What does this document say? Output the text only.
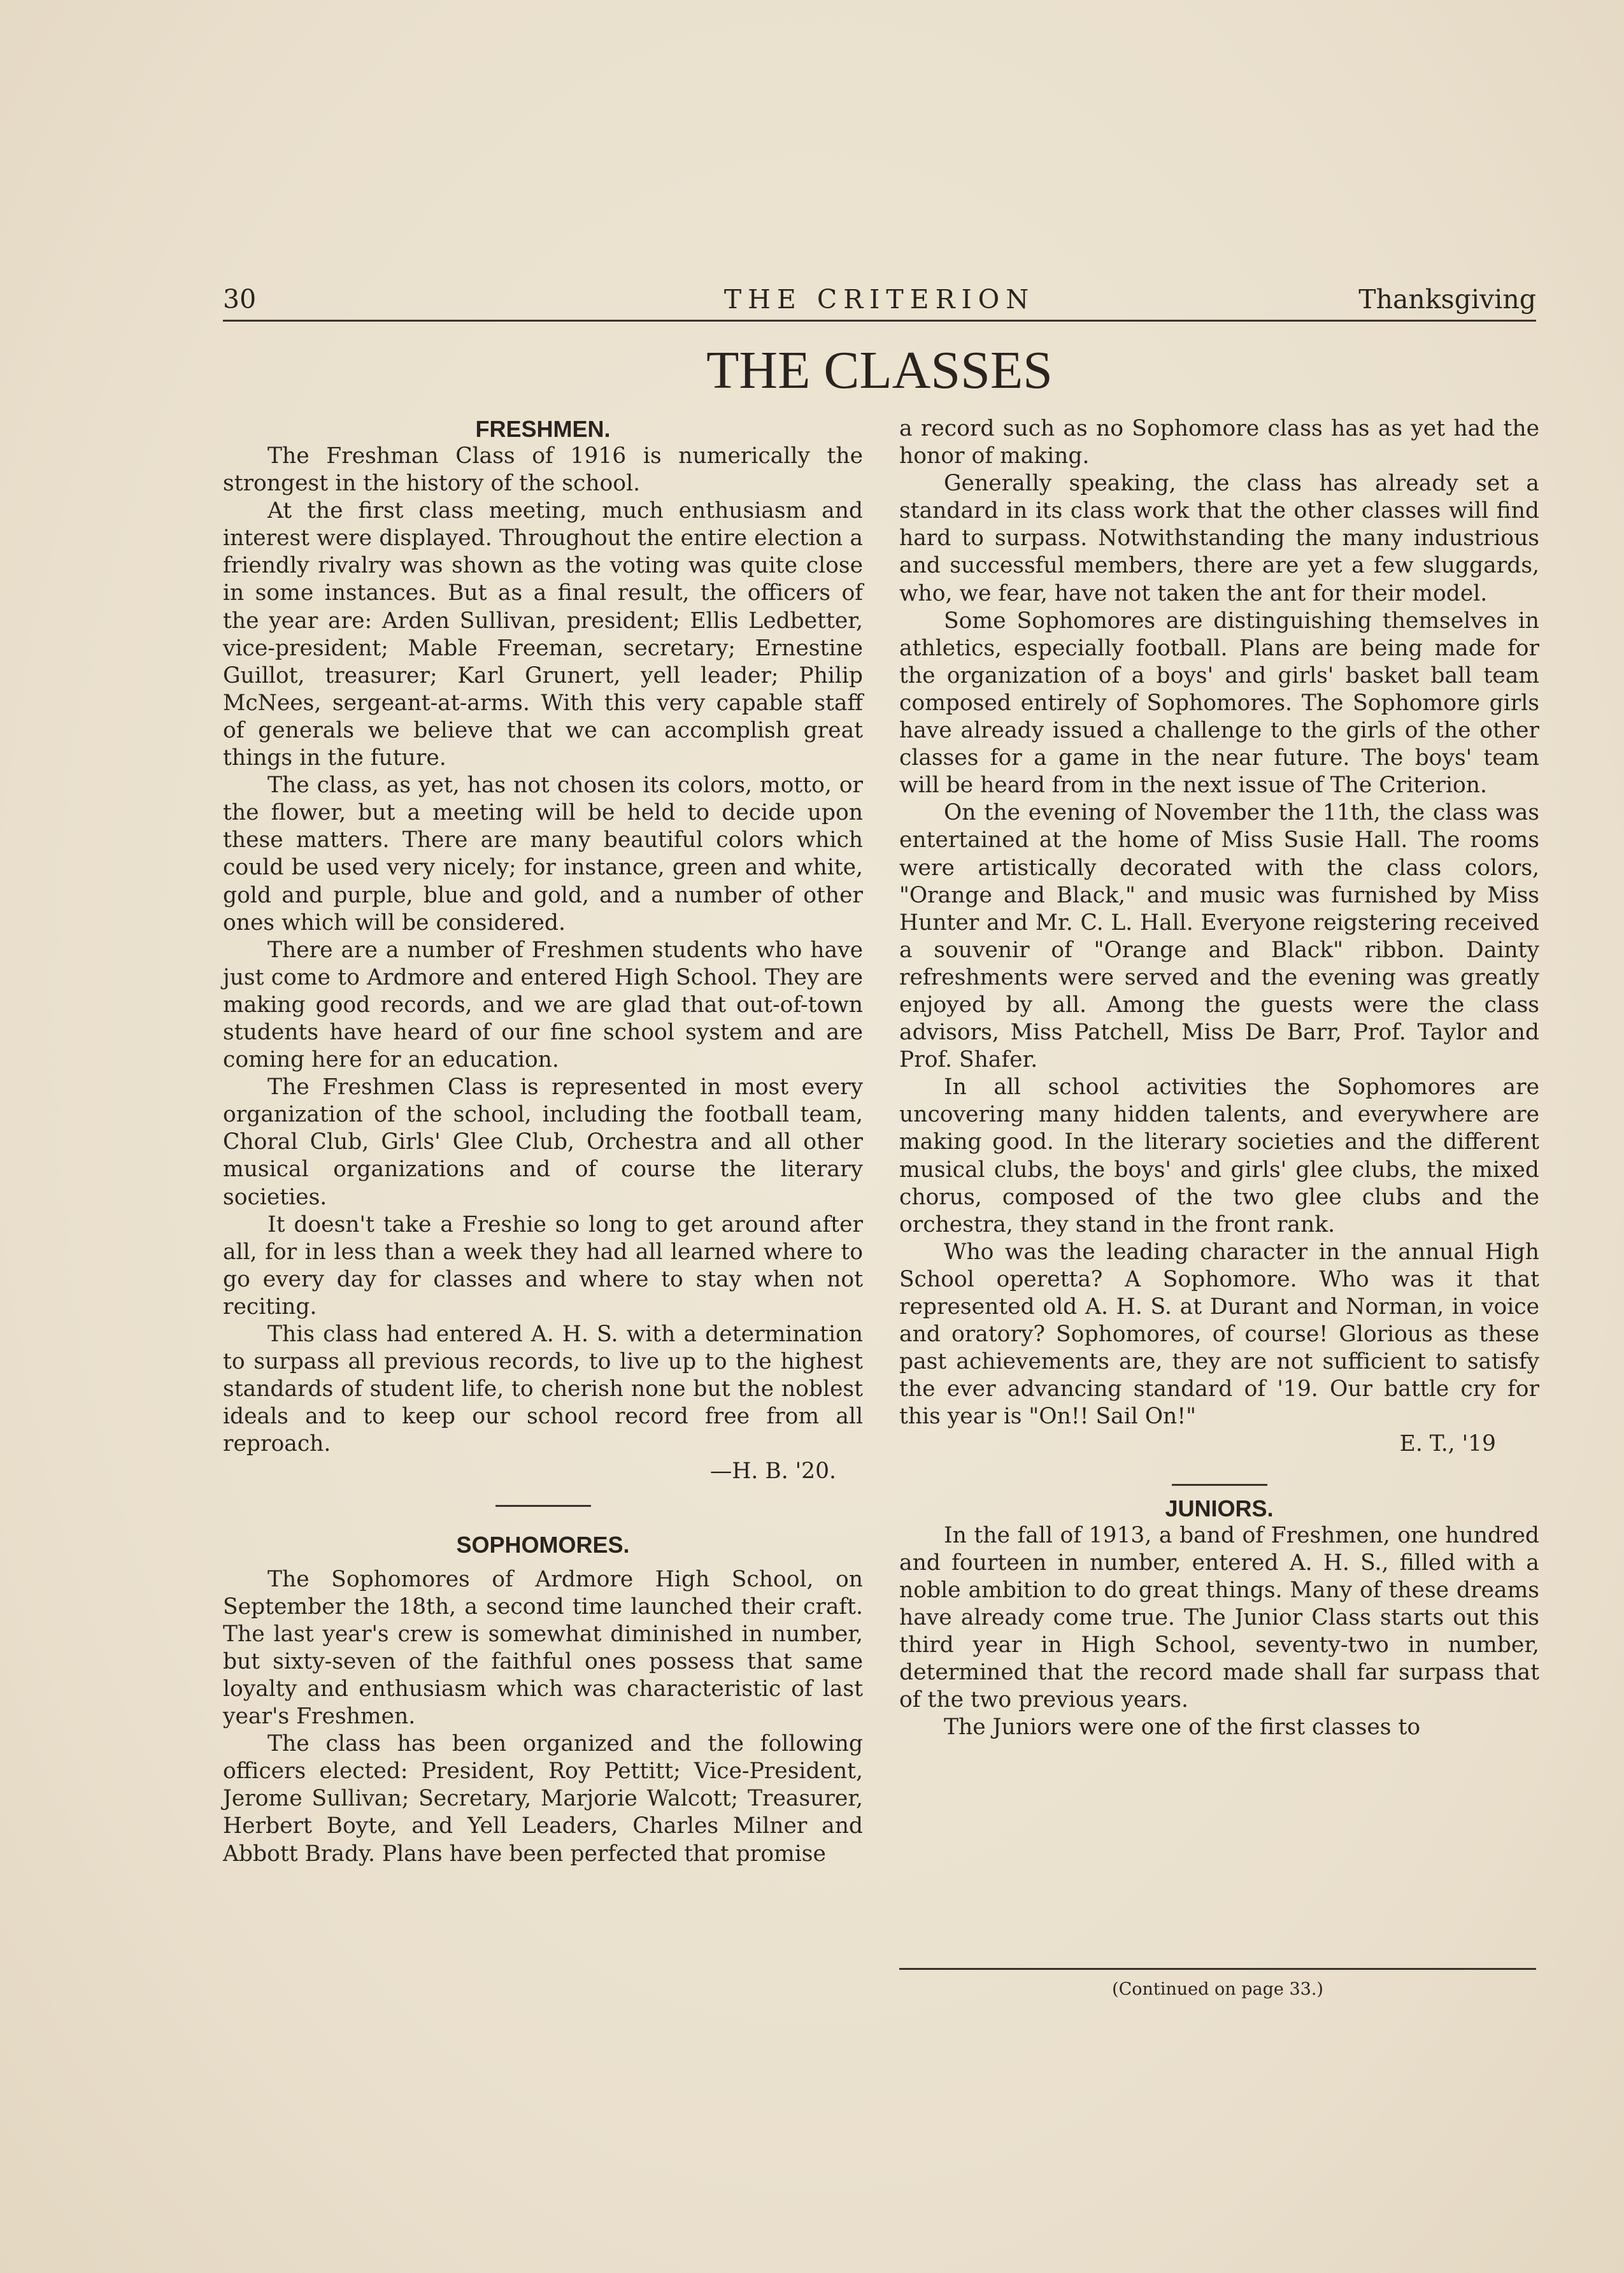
30	THE CRITERION	Thanksgiving
THE CLASSES
FRESHMEN.

The Freshman Class of 1916 is numerically the strongest in the history of the school.

At the first class meeting, much enthusiasm and interest were displayed. Throughout the entire election a friendly rivalry was shown as the voting was quite close in some instances. But as a final result, the officers of the year are: Arden Sullivan, president; Ellis Ledbetter, vice-president; Mable Freeman, secretary; Ernestine Guillot, treasurer; Karl Grunert, yell leader; Philip McNees, sergeant-at-arms. With this very capable staff of generals we believe that we can accomplish great things in the future.

The class, as yet, has not chosen its colors, motto, or the flower, but a meeting will be held to decide upon these matters. There are many beautiful colors which could be used very nicely; for instance, green and white, gold and purple, blue and gold, and a number of other ones which will be considered.

There are a number of Freshmen students who have just come to Ardmore and entered High School. They are making good records, and we are glad that out-of-town students have heard of our fine school system and are coming here for an education.

The Freshmen Class is represented in most every organization of the school, including the football team, Choral Club, Girls' Glee Club, Orchestra and all other musical organizations and of course the literary societies.

It doesn't take a Freshie so long to get around after all, for in less than a week they had all learned where to go every day for classes and where to stay when not reciting.

This class had entered A. H. S. with a determination to surpass all previous records, to live up to the highest standards of student life, to cherish none but the noblest ideals and to keep our school record free from all reproach.

—H. B. '20.
SOPHOMORES.

The Sophomores of Ardmore High School, on September the 18th, a second time launched their craft. The last year's crew is somewhat diminished in number, but sixty-seven of the faithful ones possess that same loyalty and enthusiasm which was characteristic of last year's Freshmen.

The class has been organized and the following officers elected: President, Roy Pettitt; Vice-President, Jerome Sullivan; Secretary, Marjorie Walcott; Treasurer, Herbert Boyte, and Yell Leaders, Charles Milner and Abbott Brady. Plans have been perfected that promise

a record such as no Sophomore class has as yet had the honor of making.

Generally speaking, the class has already set a standard in its class work that the other classes will find hard to surpass. Notwithstanding the many industrious and successful members, there are yet a few sluggards, who, we fear, have not taken the ant for their model.

Some Sophomores are distinguishing themselves in athletics, especially football. Plans are being made for the organization of a boys' and girls' basket ball team composed entirely of Sophomores. The Sophomore girls have already issued a challenge to the girls of the other classes for a game in the near future. The boys' team will be heard from in the next issue of The Criterion.

On the evening of November the 11th, the class was entertained at the home of Miss Susie Hall. The rooms were artistically decorated with the class colors, "Orange and Black," and music was furnished by Miss Hunter and Mr. C. L. Hall. Everyone reigstering received a souvenir of "Orange and Black" ribbon. Dainty refreshments were served and the evening was greatly enjoyed by all. Among the guests were the class advisors, Miss Patchell, Miss De Barr, Prof. Taylor and Prof. Shafer.

In all school activities the Sophomores are uncovering many hidden talents, and everywhere are making good. In the literary societies and the different musical clubs, the boys' and girls' glee clubs, the mixed chorus, composed of the two glee clubs and the orchestra, they stand in the front rank.

Who was the leading character in the annual High School operetta? A Sophomore. Who was it that represented old A. H. S. at Durant and Norman, in voice and oratory? Sophomores, of course! Glorious as these past achievements are, they are not sufficient to satisfy the ever advancing standard of '19. Our battle cry for this year is "On!! Sail On!"

E. T., '19
JUNIORS.

In the fall of 1913, a band of Freshmen, one hundred and fourteen in number, entered A. H. S., filled with a noble ambition to do great things. Many of these dreams have already come true. The Junior Class starts out this third year in High School, seventy-two in number, determined that the record made shall far surpass that of the two previous years.

The Juniors were one of the first classes to

(Continued on page 33.)
